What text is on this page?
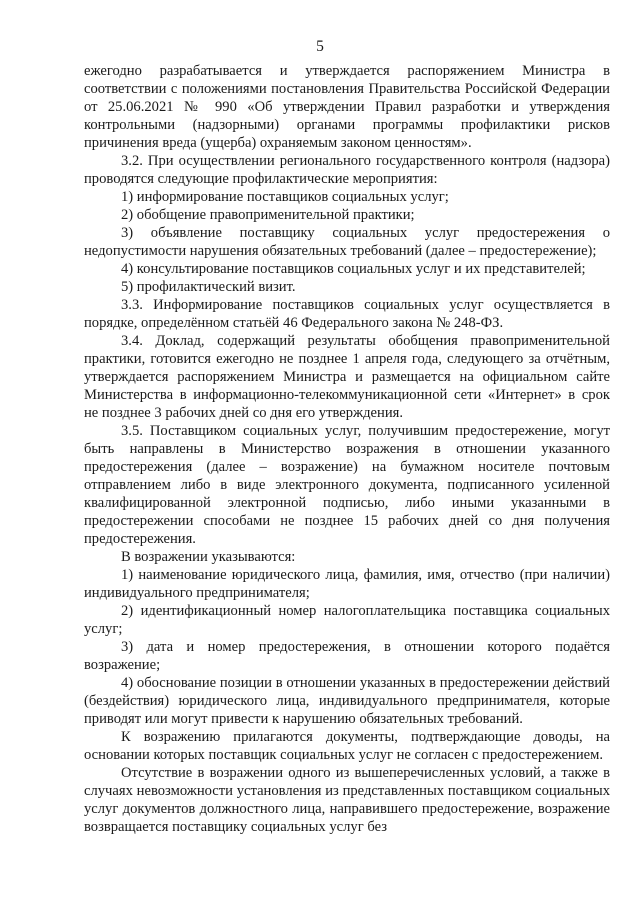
5

ежегодно разрабатывается и утверждается распоряжением Министра в соответствии с положениями постановления Правительства Российской Федерации от 25.06.2021 № 990 «Об утверждении Правил разработки и утверждения контрольными (надзорными) органами программы профилактики рисков причинения вреда (ущерба) охраняемым законом ценностям».

3.2. При осуществлении регионального государственного контроля (надзора) проводятся следующие профилактические мероприятия:

1) информирование поставщиков социальных услуг;

2) обобщение правоприменительной практики;

3) объявление поставщику социальных услуг предостережения о недопустимости нарушения обязательных требований (далее – предостережение);

4) консультирование поставщиков социальных услуг и их представителей;

5) профилактический визит.

3.3. Информирование поставщиков социальных услуг осуществляется в порядке, определённом статьёй 46 Федерального закона № 248-ФЗ.

3.4. Доклад, содержащий результаты обобщения правоприменительной практики, готовится ежегодно не позднее 1 апреля года, следующего за отчётным, утверждается распоряжением Министра и размещается на официальном сайте Министерства в информационно-телекоммуникационной сети «Интернет» в срок не позднее 3 рабочих дней со дня его утверждения.

3.5. Поставщиком социальных услуг, получившим предостережение, могут быть направлены в Министерство возражения в отношении указанного предостережения (далее – возражение) на бумажном носителе почтовым отправлением либо в виде электронного документа, подписанного усиленной квалифицированной электронной подписью, либо иными указанными в предостережении способами не позднее 15 рабочих дней со дня получения предостережения.

В возражении указываются:

1) наименование юридического лица, фамилия, имя, отчество (при наличии) индивидуального предпринимателя;

2) идентификационный номер налогоплательщика поставщика социальных услуг;

3) дата и номер предостережения, в отношении которого подаётся возражение;

4) обоснование позиции в отношении указанных в предостережении действий (бездействия) юридического лица, индивидуального предпринимателя, которые приводят или могут привести к нарушению обязательных требований.

К возражению прилагаются документы, подтверждающие доводы, на основании которых поставщик социальных услуг не согласен с предостережением.

Отсутствие в возражении одного из вышеперечисленных условий, а также в случаях невозможности установления из представленных поставщиком социальных услуг документов должностного лица, направившего предостережение, возражение возвращается поставщику социальных услуг без
